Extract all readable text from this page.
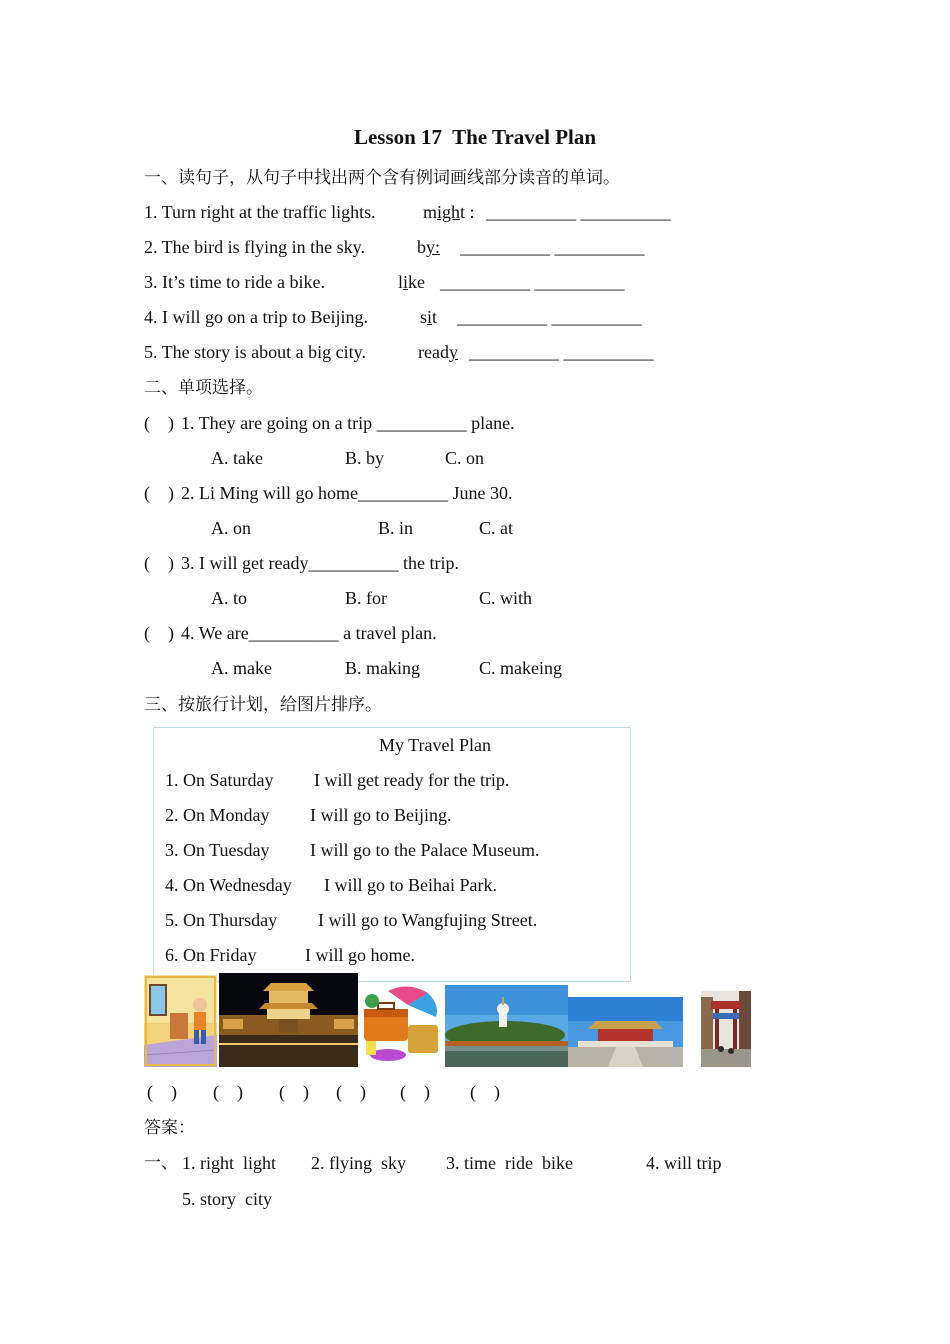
Lesson 17  The Travel Plan
一、读句子，从句子中找出两个含有例词画线部分读音的单词。
1. Turn right at the traffic lights.	might : __________ __________
2. The bird is flying in the sky.	by: __________ __________
3. It’s time to ride a bike.	like __________ __________
4. I will go on a trip to Beijing.	sit __________ __________
5. The story is about a big city.	ready __________ __________
二、单项选择。
(    ) 1. They are going on a trip __________ plane.
A. take	B. by	C. on
(    ) 2. Li Ming will go home__________ June 30.
A. on	B. in	C. at
(    ) 3. I will get ready__________ the trip.
A. to	B. for	C. with
(    ) 4. We are__________ a travel plan.
A. make	B. making	C. makeing
三、按旅行计划，给图片排序。
My Travel Plan
1. On Saturday I will get ready for the trip.
2. On Monday I will go to Beijing.
3. On Tuesday I will go to the Palace Museum.
4. On Wednesday I will go to Beihai Park.
5. On Thursday I will go to Wangfujing Street.
6. On Friday	I will go home.
(    ) (    ) (    ) (    ) (    ) (    )
答案：
一、 1. right  light 2. flying  sky 3. time  ride  bike	4. will trip
5. story  city
